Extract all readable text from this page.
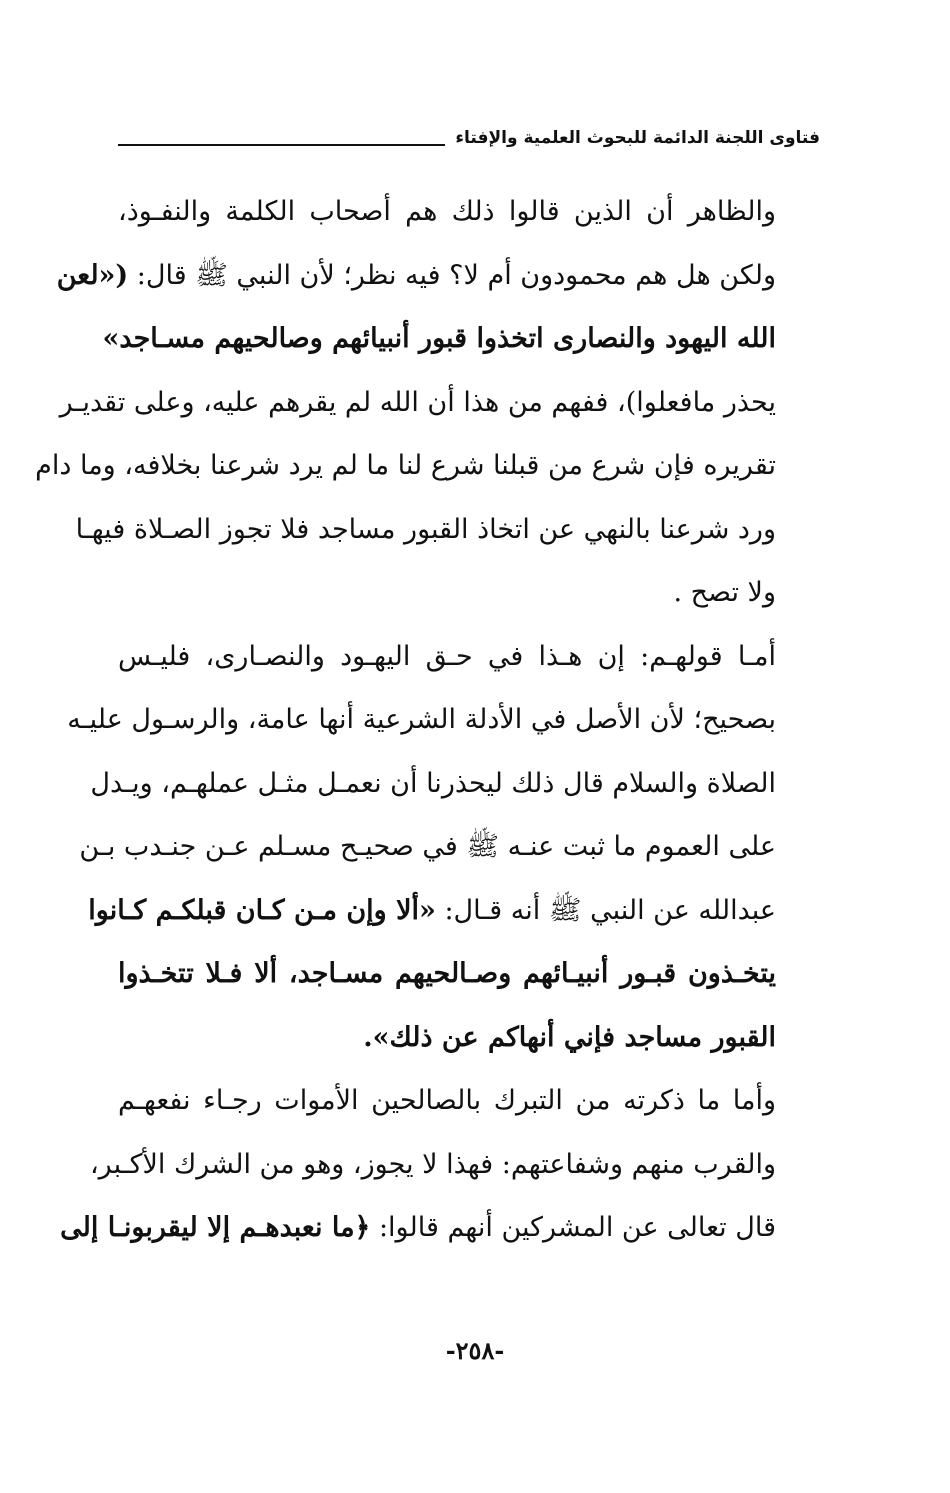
فتاوى اللجنة الدائمة للبحوث العلمية والإفتاء
والظاهر أن الذين قالوا ذلك هم أصحاب الكلمة والنفـوذ،
ولكن هل هم محمودون أم لا؟ فيه نظر؛ لأن النبي ﷺ قال: («لعن
الله اليهود والنصارى اتخذوا قبور أنبيائهم وصالحيهم مسـاجد»
يحذر مافعلوا)، ففهم من هذا أن الله لم يقرهم عليه، وعلى تقديـر
تقريره فإن شرع من قبلنا شرع لنا ما لم يرد شرعنا بخلافه، وما دام
ورد شرعنا بالنهي عن اتخاذ القبور مساجد فلا تجوز الصـلاة فيهـا
ولا تصح .
أمـا قولهـم: إن هـذا في حـق اليهـود والنصـارى، فليـس
بصحيح؛ لأن الأصل في الأدلة الشرعية أنها عامة، والرسـول عليـه
الصلاة والسلام قال ذلك ليحذرنا أن نعمـل مثـل عملهـم، ويـدل
على العموم ما ثبت عنـه ﷺ في صحيـح مسـلم عـن جنـدب بـن
عبدالله عن النبي ﷺ أنه قـال: «ألا وإن مـن كـان قبلكـم كـانوا
يتخـذون قبـور أنبيـائهم وصـالحيهم مسـاجد، ألا فـلا تتخـذوا
القبور مساجد فإني أنهاكم عن ذلك».
وأما ما ذكرته من التبرك بالصالحين الأموات رجـاء نفعهـم
والقرب منهم وشفاعتهم: فهذا لا يجوز، وهو من الشرك الأكـبر،
قال تعالى عن المشركين أنهم قالوا: ﴿ما نعبدهـم إلا ليقربونـا إلى
-٢٥٨-
